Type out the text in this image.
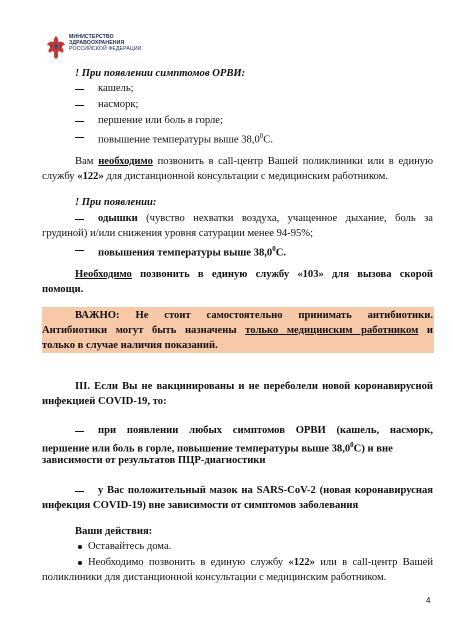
МИНИСТЕРСТВО
ЗДРАВООХРАНЕНИЯ
РОССИЙСКОЙ ФЕДЕРАЦИИ
! При появлении симптомов ОРВИ:
кашель;
насморк;
першение или боль в горле;
повышение температуры выше 38,0$^0$С.
Вам необходимо позвонить в call-центр Вашей поликлиники или в единую
службу «122» для дистанционной консультации с медицинским работником.
! При появлении:
одышки (чувство нехватки воздуха, учащенное дыхание, боль за
грудиной) и/или снижения уровня сатурации менее 94-95%;
повышения температуры выше 38,0$^0$С.
Необходимо позвонить в единую службу «103» для вызова скорой
помощи.
ВАЖНО: Не стоит самостоятельно принимать антибиотики.
Антибиотики могут быть назначены только медицинским работником и
только в случае наличия показаний.
III. Если Вы не вакцинированы и не переболели новой коронавирусной
инфекцией COVID-19, то:
при появлении любых симптомов ОРВИ (кашель, насморк,
першение или боль в горле, повышение температуры выше 38,0$^0$С) и вне
зависимости от результатов ПЦР-диагностики
у Вас положительный мазок на SARS-CoV-2 (новая коронавирусная
инфекция COVID-19) вне зависимости от симптомов заболевания
Ваши действия:
Оставайтесь дома.
Необходимо позвонить в единую службу «122» или в call-центр Вашей
поликлиники для дистанционной консультации с медицинским работником.
4
